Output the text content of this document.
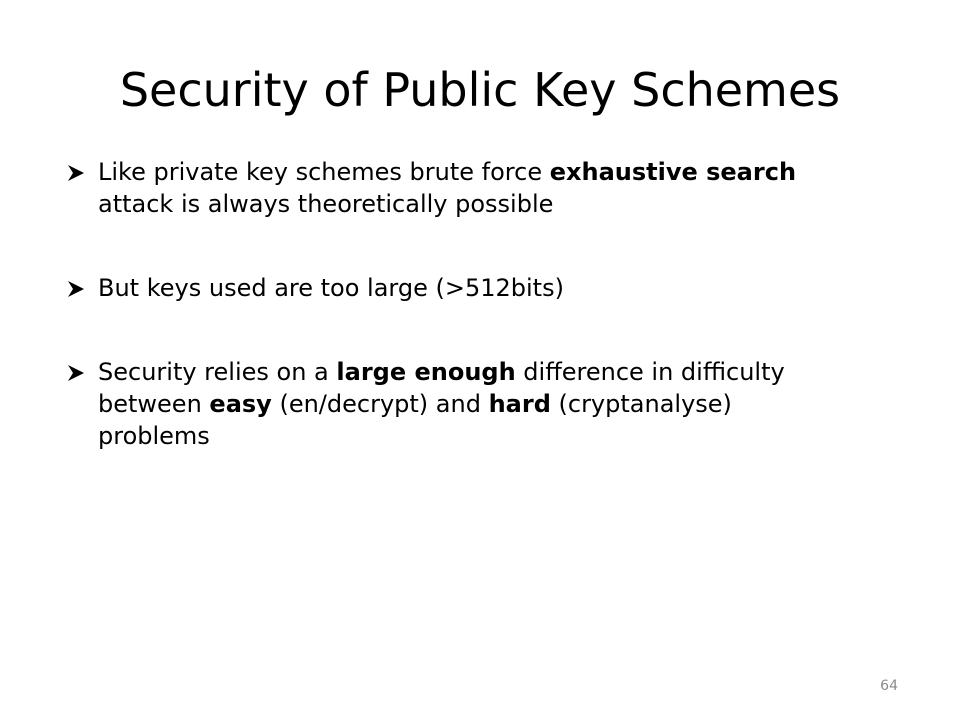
Security of Public Key Schemes
Like private key schemes brute force exhaustive search attack is always theoretically possible
But keys used are too large (>512bits)
Security relies on a large enough difference in difficulty between easy (en/decrypt) and hard (cryptanalyse) problems
64
